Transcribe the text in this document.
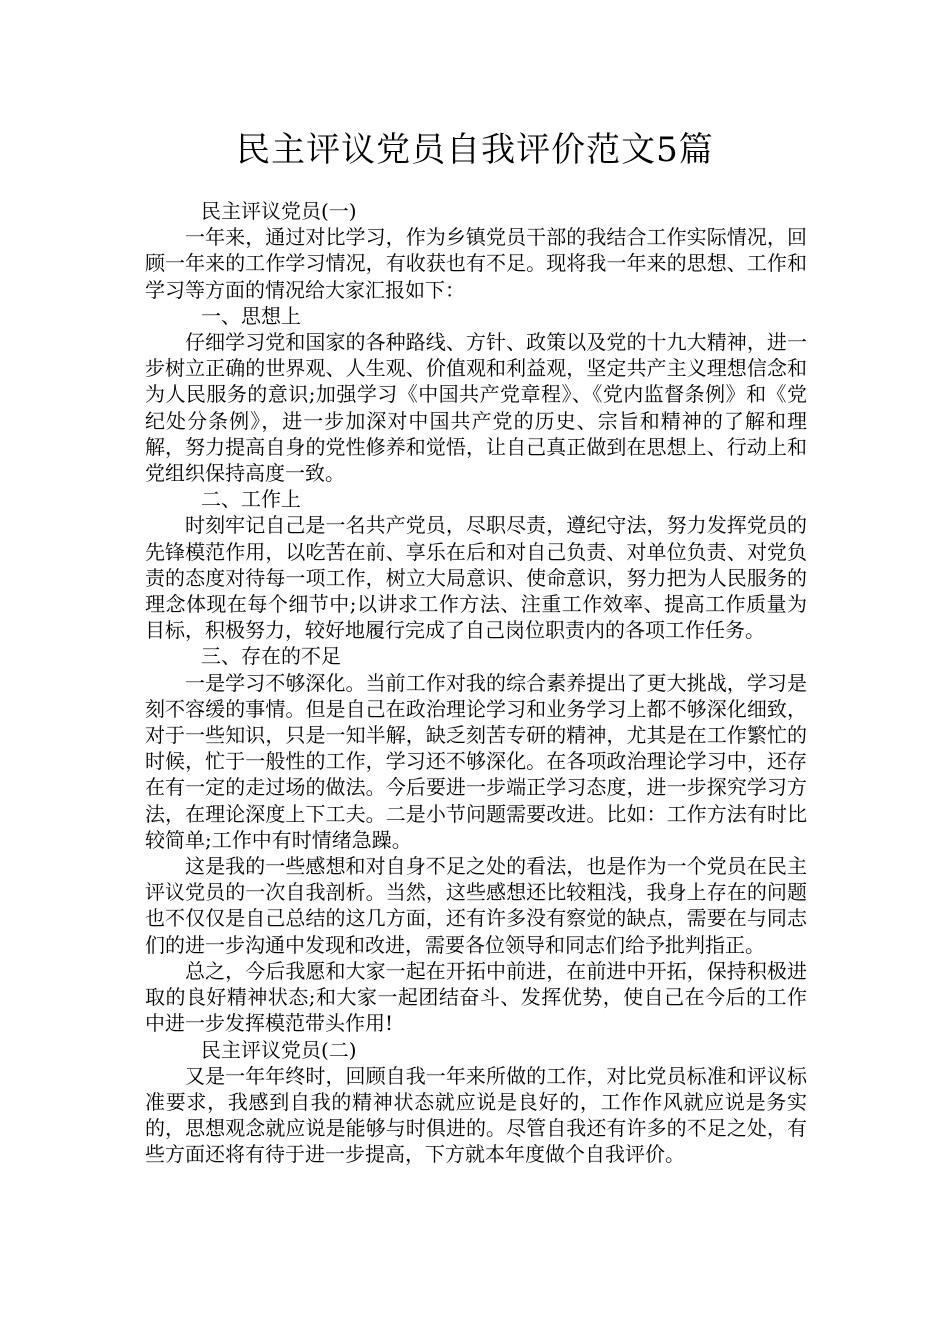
民主评议党员自我评价范文5篇

民主评议党员(一)

一年来，通过对比学习，作为乡镇党员干部的我结合工作实际情况，回顾一年来的工作学习情况，有收获也有不足。现将我一年来的思想、工作和学习等方面的情况给大家汇报如下：

一、思想上

仔细学习党和国家的各种路线、方针、政策以及党的十九大精神，进一步树立正确的世界观、人生观、价值观和利益观，坚定共产主义理想信念和为人民服务的意识;加强学习《中国共产党章程》、《党内监督条例》和《党纪处分条例》，进一步加深对中国共产党的历史、宗旨和精神的了解和理解，努力提高自身的党性修养和觉悟，让自己真正做到在思想上、行动上和党组织保持高度一致。

二、工作上

时刻牢记自己是一名共产党员，尽职尽责，遵纪守法，努力发挥党员的先锋模范作用，以吃苦在前、享乐在后和对自己负责、对单位负责、对党负责的态度对待每一项工作，树立大局意识、使命意识，努力把为人民服务的理念体现在每个细节中;以讲求工作方法、注重工作效率、提高工作质量为目标，积极努力，较好地履行完成了自己岗位职责内的各项工作任务。

三、存在的不足

一是学习不够深化。当前工作对我的综合素养提出了更大挑战，学习是刻不容缓的事情。但是自己在政治理论学习和业务学习上都不够深化细致，对于一些知识，只是一知半解，缺乏刻苦专研的精神，尤其是在工作繁忙的时候，忙于一般性的工作，学习还不够深化。在各项政治理论学习中，还存在有一定的走过场的做法。今后要进一步端正学习态度，进一步探究学习方法，在理论深度上下工夫。二是小节问题需要改进。比如：工作方法有时比较简单;工作中有时情绪急躁。

这是我的一些感想和对自身不足之处的看法，也是作为一个党员在民主评议党员的一次自我剖析。当然，这些感想还比较粗浅，我身上存在的问题也不仅仅是自己总结的这几方面，还有许多没有察觉的缺点，需要在与同志们的进一步沟通中发现和改进，需要各位领导和同志们给予批判指正。

总之，今后我愿和大家一起在开拓中前进，在前进中开拓，保持积极进取的良好精神状态;和大家一起团结奋斗、发挥优势，使自己在今后的工作中进一步发挥模范带头作用!

民主评议党员(二)

又是一年年终时，回顾自我一年来所做的工作，对比党员标准和评议标准要求，我感到自我的精神状态就应说是良好的，工作作风就应说是务实的，思想观念就应说是能够与时俱进的。尽管自我还有许多的不足之处，有些方面还将有待于进一步提高，下方就本年度做个自我评价。
